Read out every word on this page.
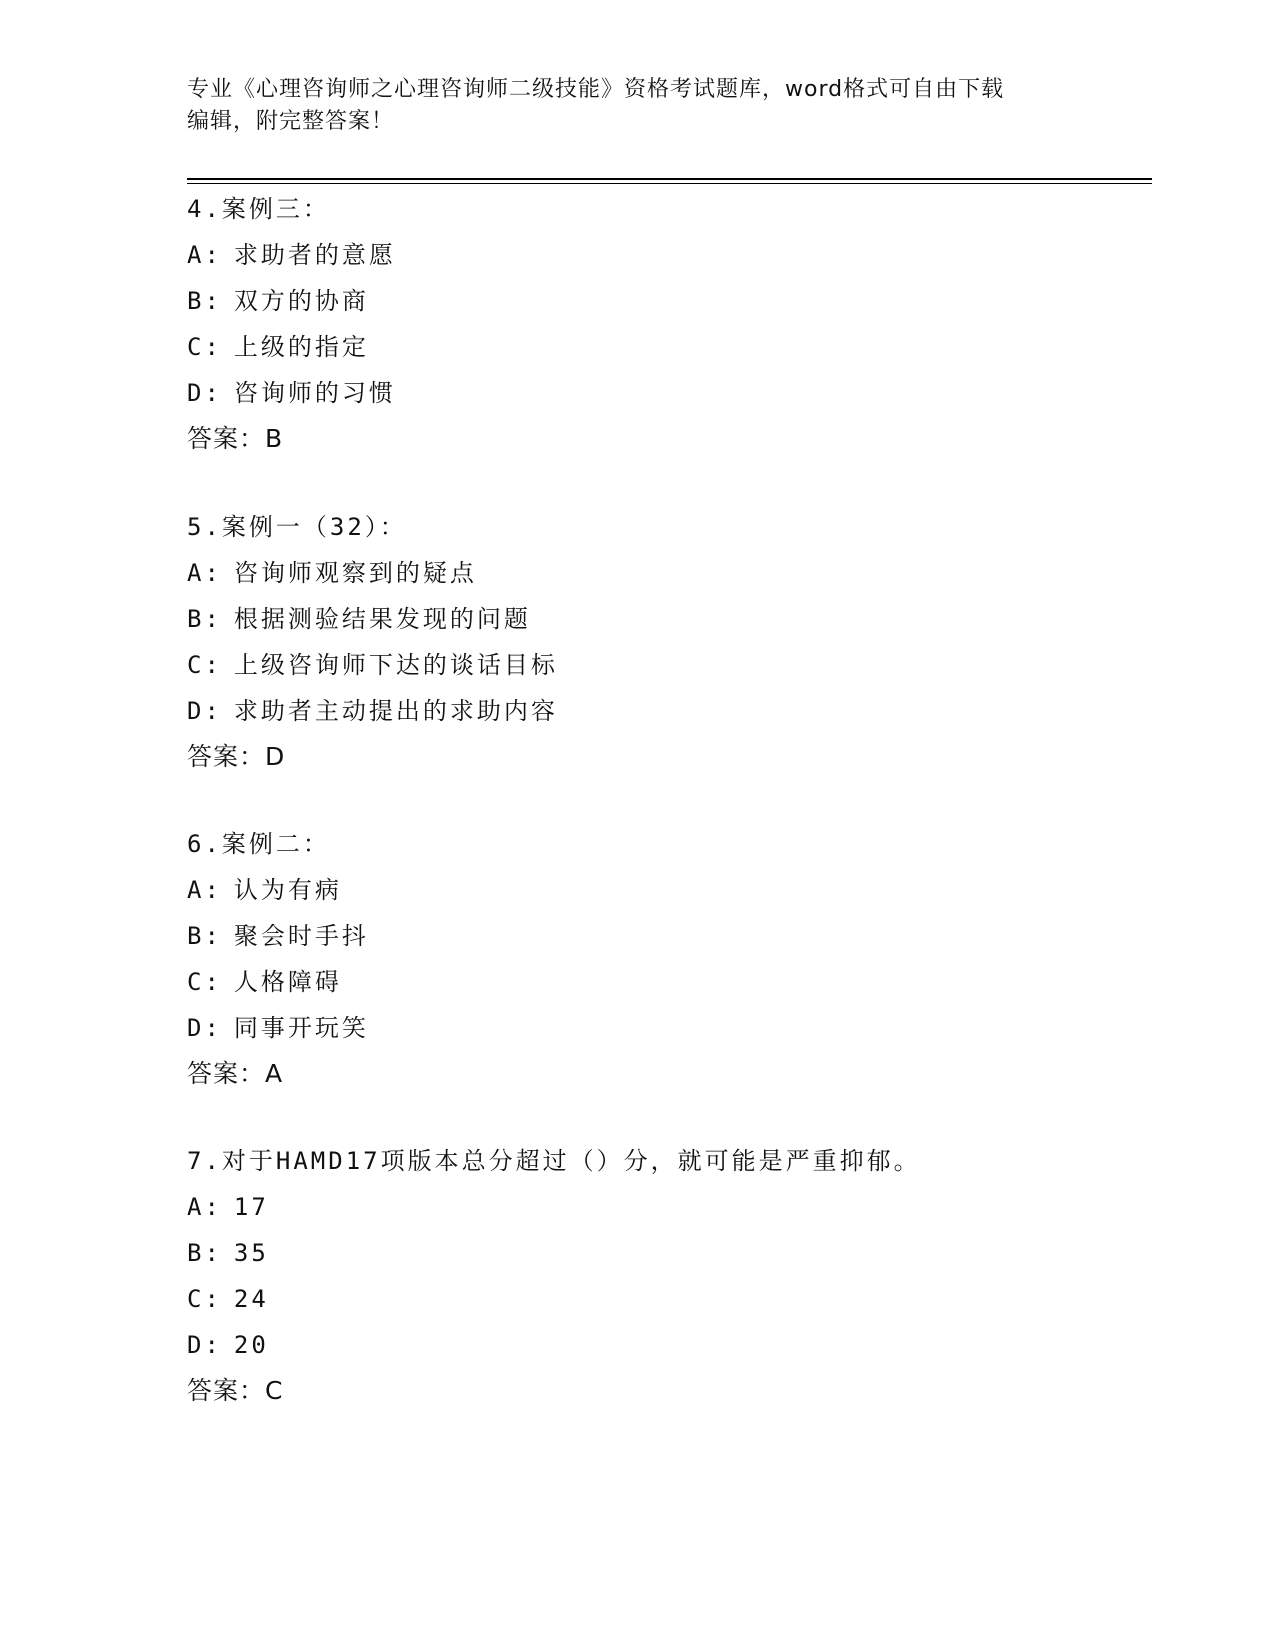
专业《心理咨询师之心理咨询师二级技能》资格考试题库，word格式可自由下载
编辑，附完整答案！
4.案例三：
A: 求助者的意愿
B: 双方的协商
C: 上级的指定
D: 咨询师的习惯
答案：B
5.案例一（32）：
A: 咨询师观察到的疑点
B: 根据测验结果发现的问题
C: 上级咨询师下达的谈话目标
D: 求助者主动提出的求助内容
答案：D
6.案例二：
A: 认为有病
B: 聚会时手抖
C: 人格障碍
D: 同事开玩笑
答案：A
7.对于HAMD17项版本总分超过（）分，就可能是严重抑郁。
A: 17
B: 35
C: 24
D: 20
答案：C
